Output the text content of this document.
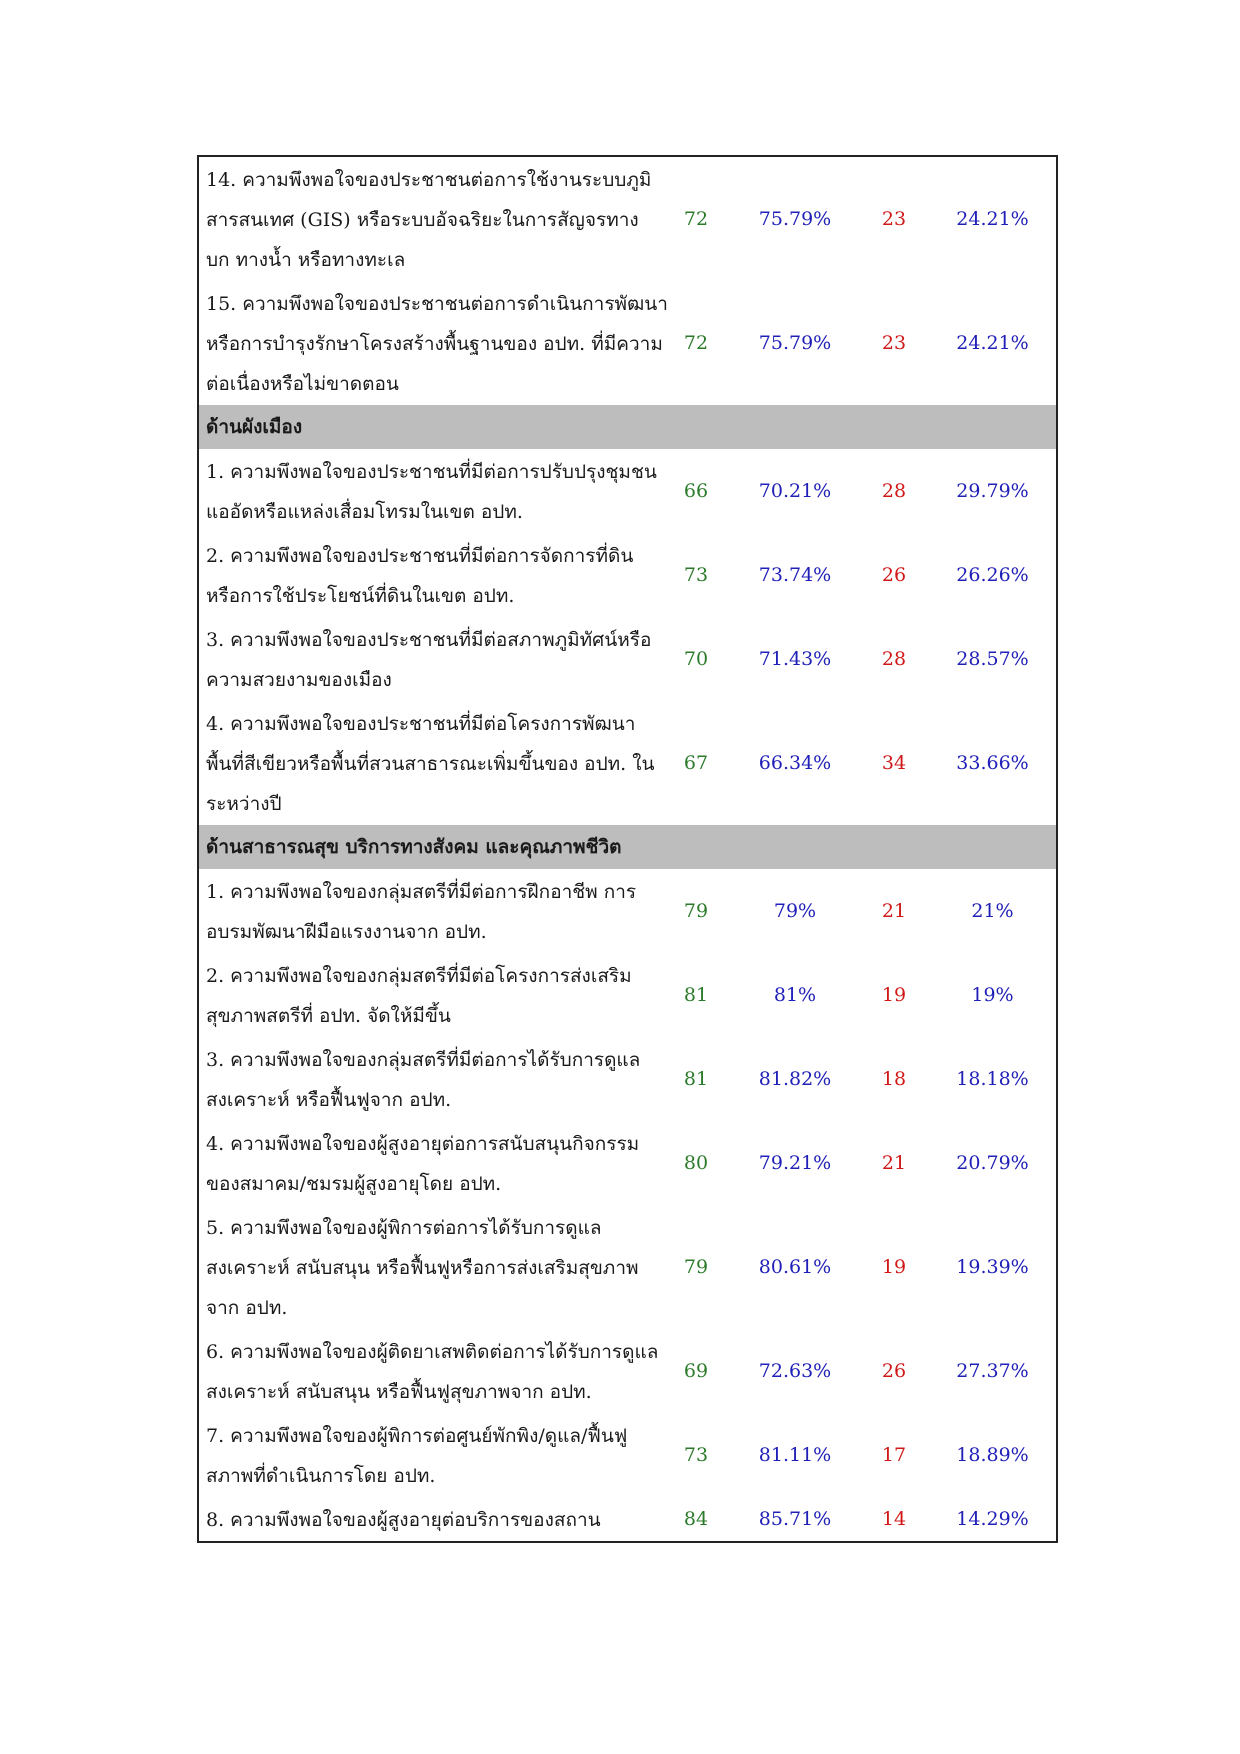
14. ความพึงพอใจของประชาชนต่อการใช้งานระบบภูมิ
สารสนเทศ (GIS) หรือระบบอัจฉริยะในการสัญจรทาง
บก ทางน้ำ หรือทางทะเล	72	75.79%	23	24.21%

15. ความพึงพอใจของประชาชนต่อการดำเนินการพัฒนา
หรือการบำรุงรักษาโครงสร้างพื้นฐานของ อปท. ที่มีความ
ต่อเนื่องหรือไม่ขาดตอน	72	75.79%	23	24.21%
ด้านผังเมือง				

1. ความพึงพอใจของประชาชนที่มีต่อการปรับปรุงชุมชน
แออัดหรือแหล่งเสื่อมโทรมในเขต อปท.	66	70.21%	28	29.79%

2. ความพึงพอใจของประชาชนที่มีต่อการจัดการที่ดิน
หรือการใช้ประโยชน์ที่ดินในเขต อปท.	73	73.74%	26	26.26%

3. ความพึงพอใจของประชาชนที่มีต่อสภาพภูมิทัศน์หรือ
ความสวยงามของเมือง	70	71.43%	28	28.57%

4. ความพึงพอใจของประชาชนที่มีต่อโครงการพัฒนา
พื้นที่สีเขียวหรือพื้นที่สวนสาธารณะเพิ่มขึ้นของ อปท. ใน
ระหว่างปี	67	66.34%	34	33.66%
ด้านสาธารณสุข บริการทางสังคม และคุณภาพชีวิต				

1. ความพึงพอใจของกลุ่มสตรีที่มีต่อการฝึกอาชีพ การ
อบรมพัฒนาฝีมือแรงงานจาก อปท.	79	79%	21	21%

2. ความพึงพอใจของกลุ่มสตรีที่มีต่อโครงการส่งเสริม
สุขภาพสตรีที่ อปท. จัดให้มีขึ้น	81	81%	19	19%

3. ความพึงพอใจของกลุ่มสตรีที่มีต่อการได้รับการดูแล
สงเคราะห์ หรือฟื้นฟูจาก อปท.	81	81.82%	18	18.18%

4. ความพึงพอใจของผู้สูงอายุต่อการสนับสนุนกิจกรรม
ของสมาคม/ชมรมผู้สูงอายุโดย อปท.	80	79.21%	21	20.79%

5. ความพึงพอใจของผู้พิการต่อการได้รับการดูแล
สงเคราะห์ สนับสนุน หรือฟื้นฟูหรือการส่งเสริมสุขภาพ
จาก อปท.	79	80.61%	19	19.39%

6. ความพึงพอใจของผู้ติดยาเสพติดต่อการได้รับการดูแล
สงเคราะห์ สนับสนุน หรือฟื้นฟูสุขภาพจาก อปท.	69	72.63%	26	27.37%

7. ความพึงพอใจของผู้พิการต่อศูนย์พักพิง/ดูแล/ฟื้นฟู
สภาพที่ดำเนินการโดย อปท.	73	81.11%	17	18.89%

8. ความพึงพอใจของผู้สูงอายุต่อบริการของสถาน	84	85.71%	14	14.29%
